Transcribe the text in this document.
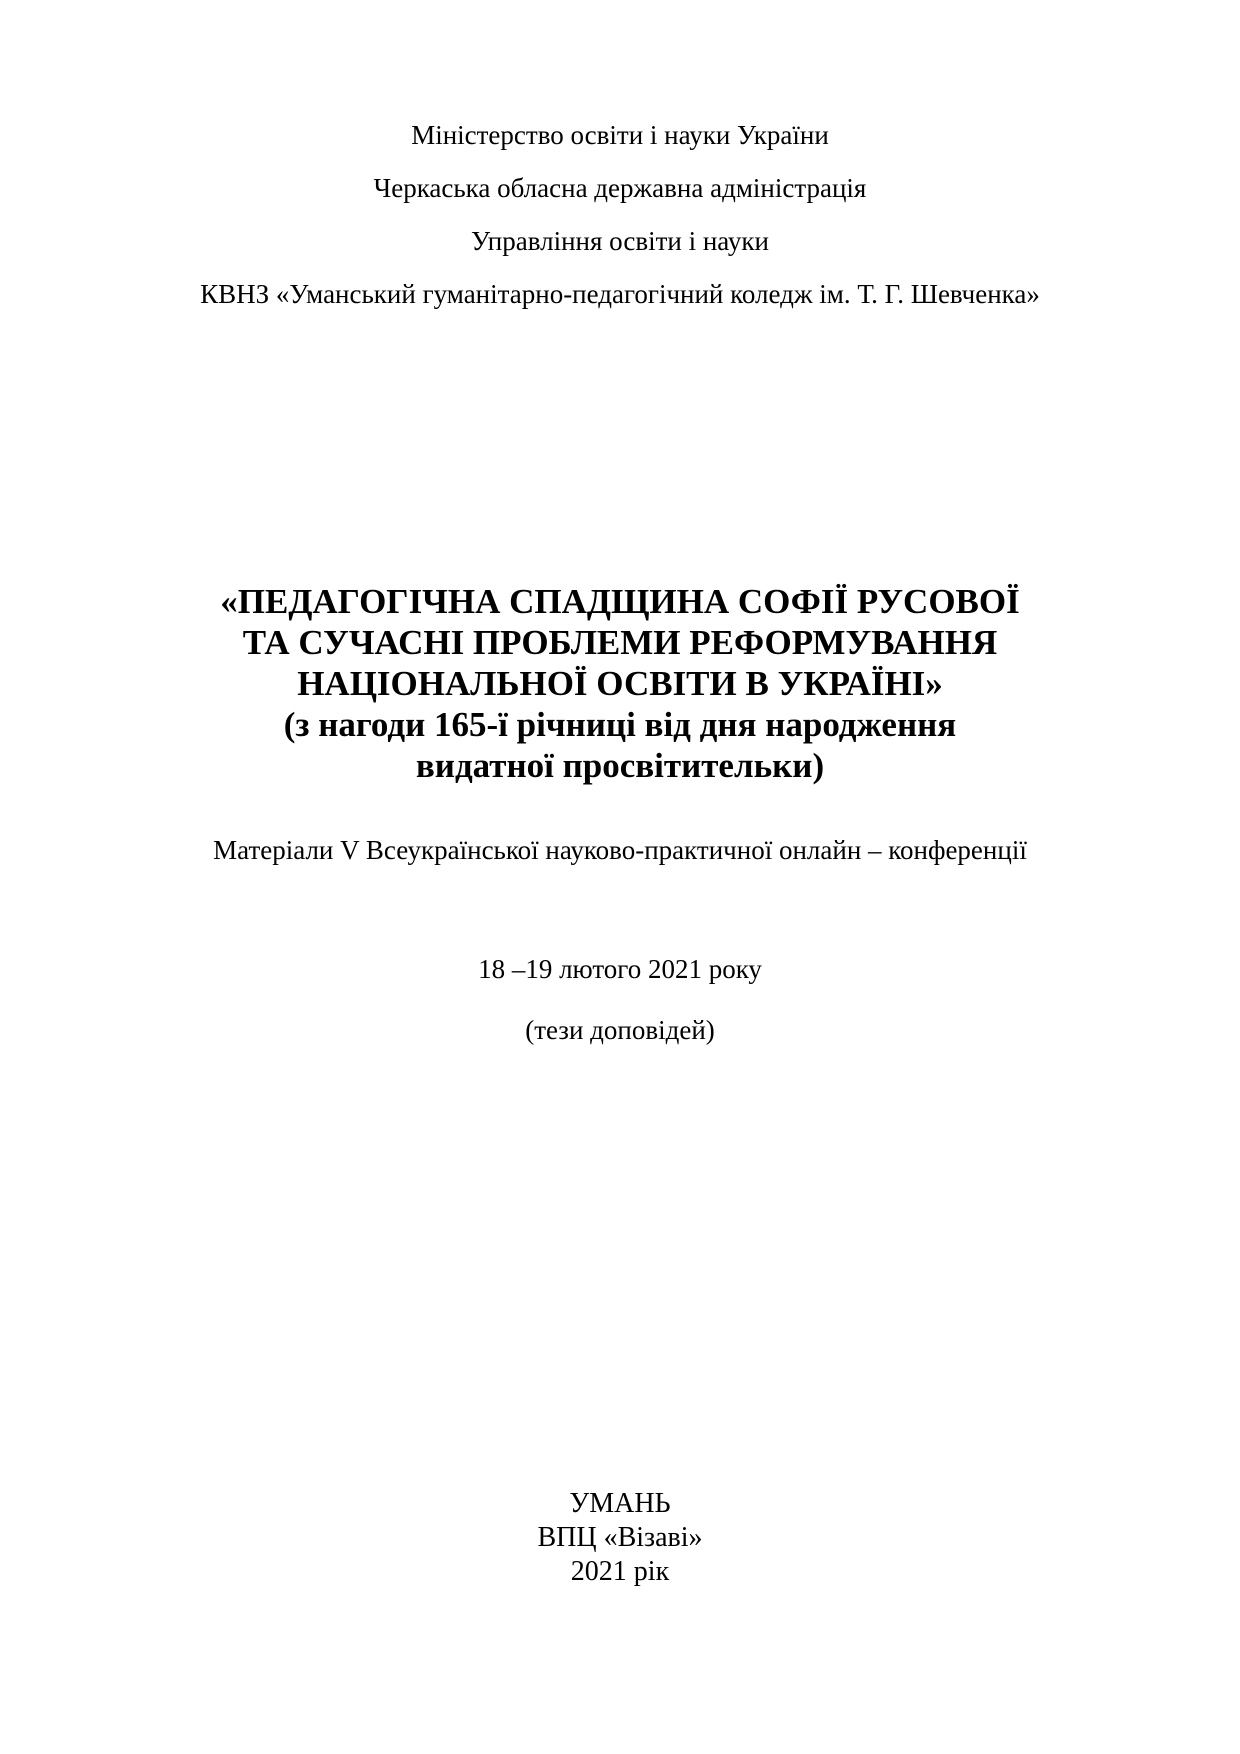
Міністерство освіти і науки України
Черкаська обласна державна адміністрація
Управління освіти і науки
КВНЗ «Уманський гуманітарно-педагогічний коледж ім. Т. Г. Шевченка»
«ПЕДАГОГІЧНА СПАДЩИНА СОФІЇ РУСОВОЇ
ТА СУЧАСНІ ПРОБЛЕМИ РЕФОРМУВАННЯ
НАЦІОНАЛЬНОЇ ОСВІТИ В УКРАЇНІ»
(з нагоди 165-ї річниці від дня народження
видатної просвітительки)
Матеріали V Всеукраїнської науково-практичної онлайн – конференції
18 –19 лютого 2021 року
(тези доповідей)
УМАНЬ
ВПЦ «Візаві»
2021 рік
